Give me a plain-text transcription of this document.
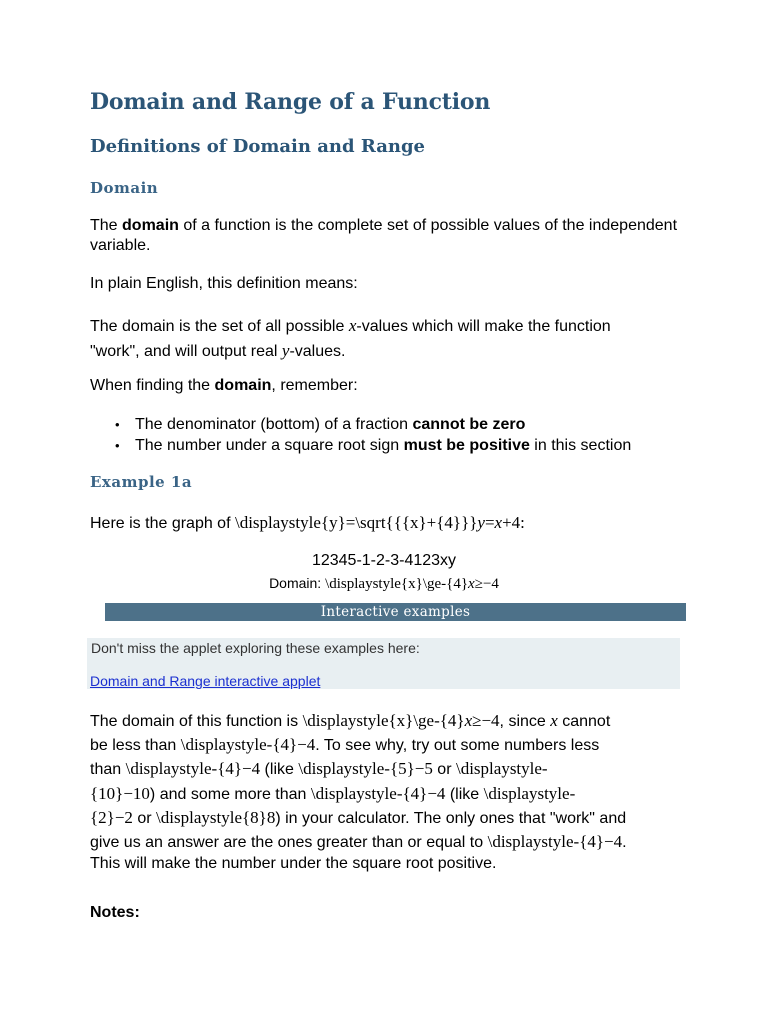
Domain and Range of a Function
Definitions of Domain and Range
Domain

The domain of a function is the complete set of possible values of the independent variable.

In plain English, this definition means:

The domain is the set of all possible x-values which will make the function
"work", and will output real y-values.

When finding the domain, remember:

• The denominator (bottom) of a fraction cannot be zero
• The number under a square root sign must be positive in this section
Example 1a

Here is the graph of \displaystyle{y}=\sqrt{{{x}+{4}}}y=x+4:

12345-1-2-3-4123xy
Domain: \displaystyle{x}\ge-{4}x≥−4
Interactive examples
Don't miss the applet exploring these examples here:
Domain and Range interactive applet
The domain of this function is \displaystyle{x}\ge-{4}x≥−4, since x cannot
be less than \displaystyle-{4}−4. To see why, try out some numbers less
than \displaystyle-{4}−4 (like \displaystyle-{5}−5 or \displaystyle-
{10}−10) and some more than \displaystyle-{4}−4 (like \displaystyle-
{2}−2 or \displaystyle{8}8) in your calculator. The only ones that "work" and
give us an answer are the ones greater than or equal to \displaystyle-{4}−4.
This will make the number under the square root positive.

Notes:
